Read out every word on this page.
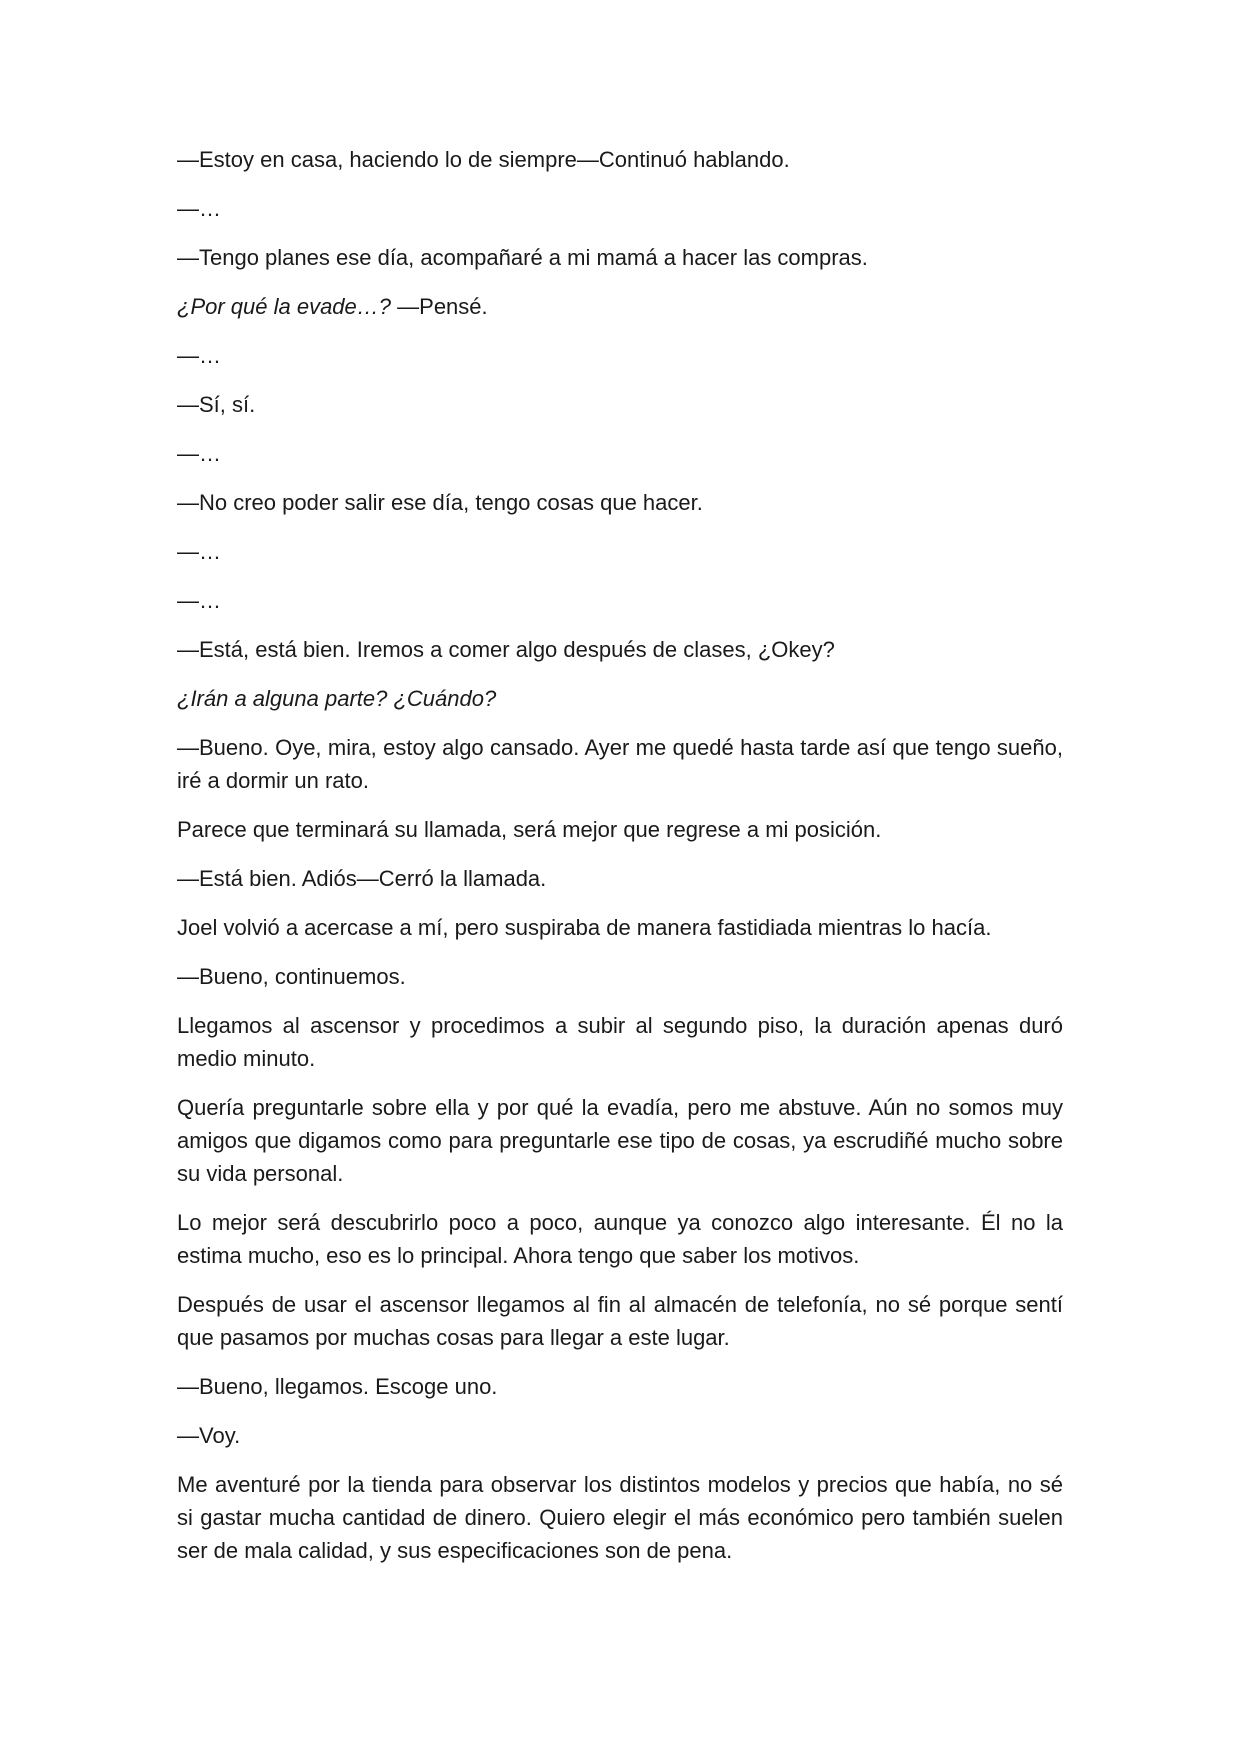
—Estoy en casa, haciendo lo de siempre—Continuó hablando.

—…

—Tengo planes ese día, acompañaré a mi mamá a hacer las compras.

¿Por qué la evade…? —Pensé.

—…

—Sí, sí.

—…

—No creo poder salir ese día, tengo cosas que hacer.

—…

—…

—Está, está bien. Iremos a comer algo después de clases, ¿Okey?

¿Irán a alguna parte? ¿Cuándo?

—Bueno. Oye, mira, estoy algo cansado. Ayer me quedé hasta tarde así que tengo sueño, iré a dormir un rato.

Parece que terminará su llamada, será mejor que regrese a mi posición.

—Está bien. Adiós—Cerró la llamada.

Joel volvió a acercase a mí, pero suspiraba de manera fastidiada mientras lo hacía.

—Bueno, continuemos.

Llegamos al ascensor y procedimos a subir al segundo piso, la duración apenas duró medio minuto.

Quería preguntarle sobre ella y por qué la evadía, pero me abstuve. Aún no somos muy amigos que digamos como para preguntarle ese tipo de cosas, ya escrudiñé mucho sobre su vida personal.

Lo mejor será descubrirlo poco a poco, aunque ya conozco algo interesante. Él no la estima mucho, eso es lo principal. Ahora tengo que saber los motivos.

Después de usar el ascensor llegamos al fin al almacén de telefonía, no sé porque sentí que pasamos por muchas cosas para llegar a este lugar.

—Bueno, llegamos. Escoge uno.

—Voy.

Me aventuré por la tienda para observar los distintos modelos y precios que había, no sé si gastar mucha cantidad de dinero. Quiero elegir el más económico pero también suelen ser de mala calidad, y sus especificaciones son de pena.
